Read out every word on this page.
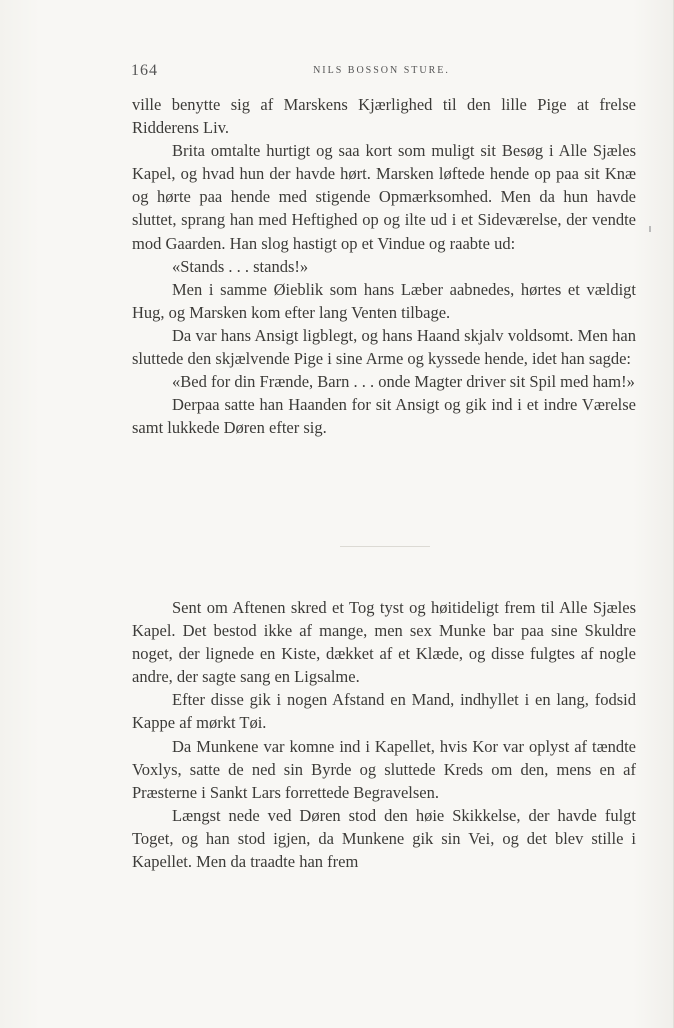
164	NILS BOSSON STURE.

ville benytte sig af Marskens Kjærlighed til den lille Pige at frelse Ridderens Liv.

Brita omtalte hurtigt og saa kort som muligt sit Besøg i Alle Sjæles Kapel, og hvad hun der havde hørt. Marsken løftede hende op paa sit Knæ og hørte paa hende med stigende Opmærksomhed. Men da hun havde sluttet, sprang han med Heftighed op og ilte ud i et Sideværelse, der vendte mod Gaarden. Han slog hastigt op et Vindue og raabte ud:

«Stands . . . stands!»

Men i samme Øieblik som hans Læber aabnedes, hørtes et vældigt Hug, og Marsken kom efter lang Venten tilbage.

Da var hans Ansigt ligblegt, og hans Haand skjalv voldsomt. Men han sluttede den skjælvende Pige i sine Arme og kyssede hende, idet han sagde:

«Bed for din Frænde, Barn . . . onde Magter driver sit Spil med ham!»

Derpaa satte han Haanden for sit Ansigt og gik ind i et indre Værelse samt lukkede Døren efter sig.

Sent om Aftenen skred et Tog tyst og høitideligt frem til Alle Sjæles Kapel. Det bestod ikke af mange, men sex Munke bar paa sine Skuldre noget, der lignede en Kiste, dækket af et Klæde, og disse fulgtes af nogle andre, der sagte sang en Ligsalme.

Efter disse gik i nogen Afstand en Mand, indhyllet i en lang, fodsid Kappe af mørkt Tøi.

Da Munkene var komne ind i Kapellet, hvis Kor var oplyst af tændte Voxlys, satte de ned sin Byrde og sluttede Kreds om den, mens en af Præsterne i Sankt Lars forrettede Begravelsen.

Længst nede ved Døren stod den høie Skikkelse, der havde fulgt Toget, og han stod igjen, da Munkene gik sin Vei, og det blev stille i Kapellet. Men da traadte han frem
